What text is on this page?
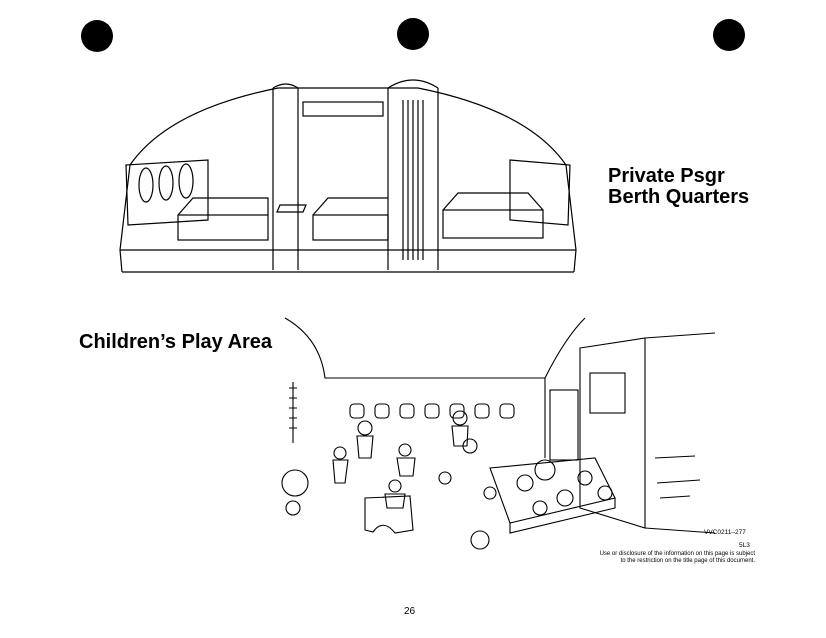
Private Psgr
Berth Quarters
Children’s Play Area
VVC0211–277
5L3
Use or disclosure of the information on this page is subject
to the restriction on the title page of this document.
26
